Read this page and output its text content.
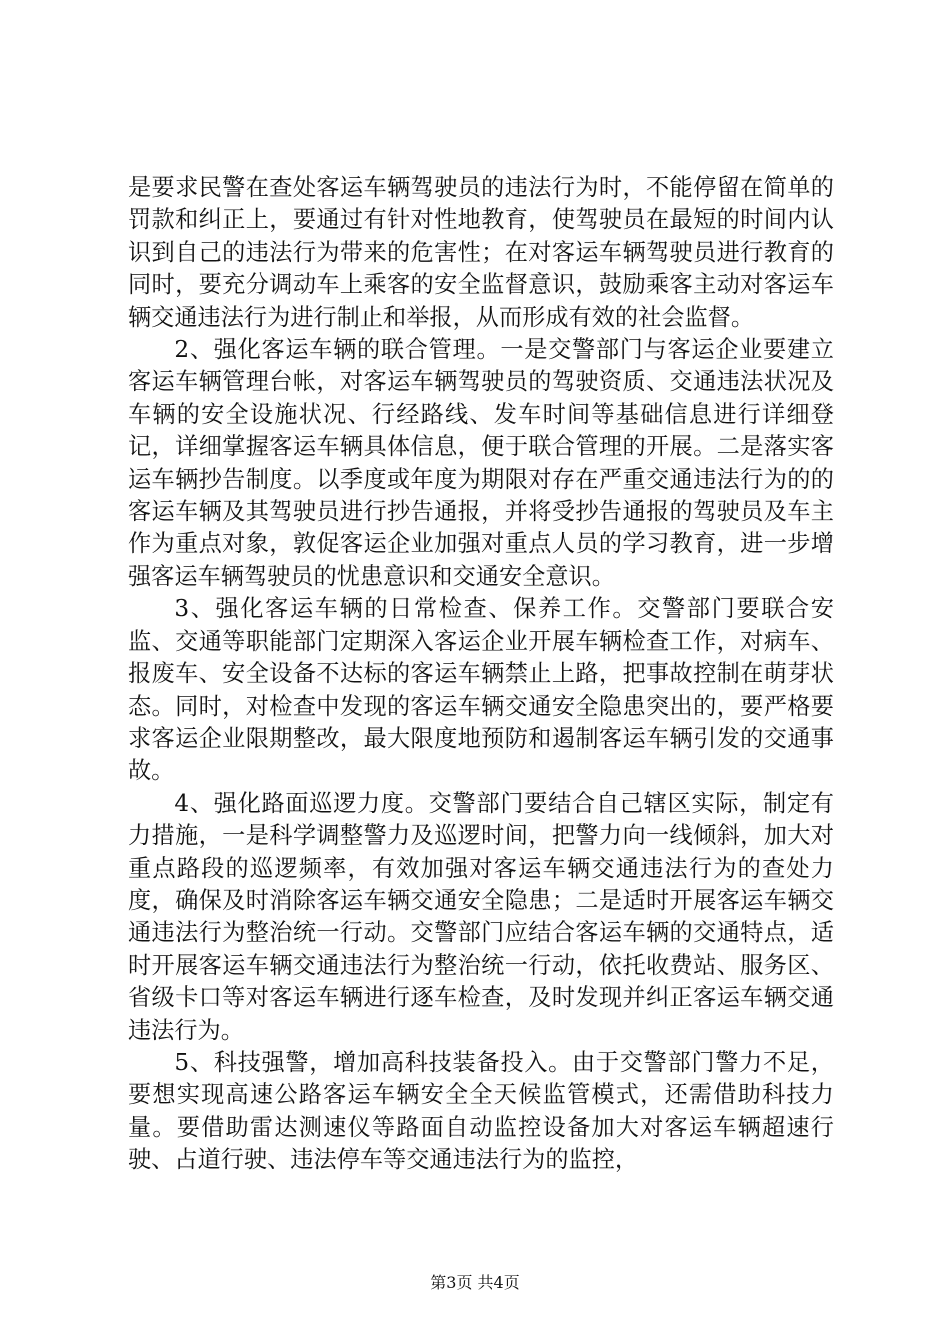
是要求民警在查处客运车辆驾驶员的违法行为时，不能停留在简单的罚款和纠正上，要通过有针对性地教育，使驾驶员在最短的时间内认识到自己的违法行为带来的危害性；在对客运车辆驾驶员进行教育的同时，要充分调动车上乘客的安全监督意识，鼓励乘客主动对客运车辆交通违法行为进行制止和举报，从而形成有效的社会监督。

2、强化客运车辆的联合管理。一是交警部门与客运企业要建立客运车辆管理台帐，对客运车辆驾驶员的驾驶资质、交通违法状况及车辆的安全设施状况、行经路线、发车时间等基础信息进行详细登记，详细掌握客运车辆具体信息，便于联合管理的开展。二是落实客运车辆抄告制度。以季度或年度为期限对存在严重交通违法行为的的客运车辆及其驾驶员进行抄告通报，并将受抄告通报的驾驶员及车主作为重点对象，敦促客运企业加强对重点人员的学习教育，进一步增强客运车辆驾驶员的忧患意识和交通安全意识。

3、强化客运车辆的日常检查、保养工作。交警部门要联合安监、交通等职能部门定期深入客运企业开展车辆检查工作，对病车、报废车、安全设备不达标的客运车辆禁止上路，把事故控制在萌芽状态。同时，对检查中发现的客运车辆交通安全隐患突出的，要严格要求客运企业限期整改，最大限度地预防和遏制客运车辆引发的交通事故。

4、强化路面巡逻力度。交警部门要结合自己辖区实际，制定有力措施，一是科学调整警力及巡逻时间，把警力向一线倾斜，加大对重点路段的巡逻频率，有效加强对客运车辆交通违法行为的查处力度，确保及时消除客运车辆交通安全隐患；二是适时开展客运车辆交通违法行为整治统一行动。交警部门应结合客运车辆的交通特点，适时开展客运车辆交通违法行为整治统一行动，依托收费站、服务区、省级卡口等对客运车辆进行逐车检查，及时发现并纠正客运车辆交通违法行为。

5、科技强警，增加高科技装备投入。由于交警部门警力不足，要想实现高速公路客运车辆安全全天候监管模式，还需借助科技力量。要借助雷达测速仪等路面自动监控设备加大对客运车辆超速行驶、占道行驶、违法停车等交通违法行为的监控，

第3页 共4页
